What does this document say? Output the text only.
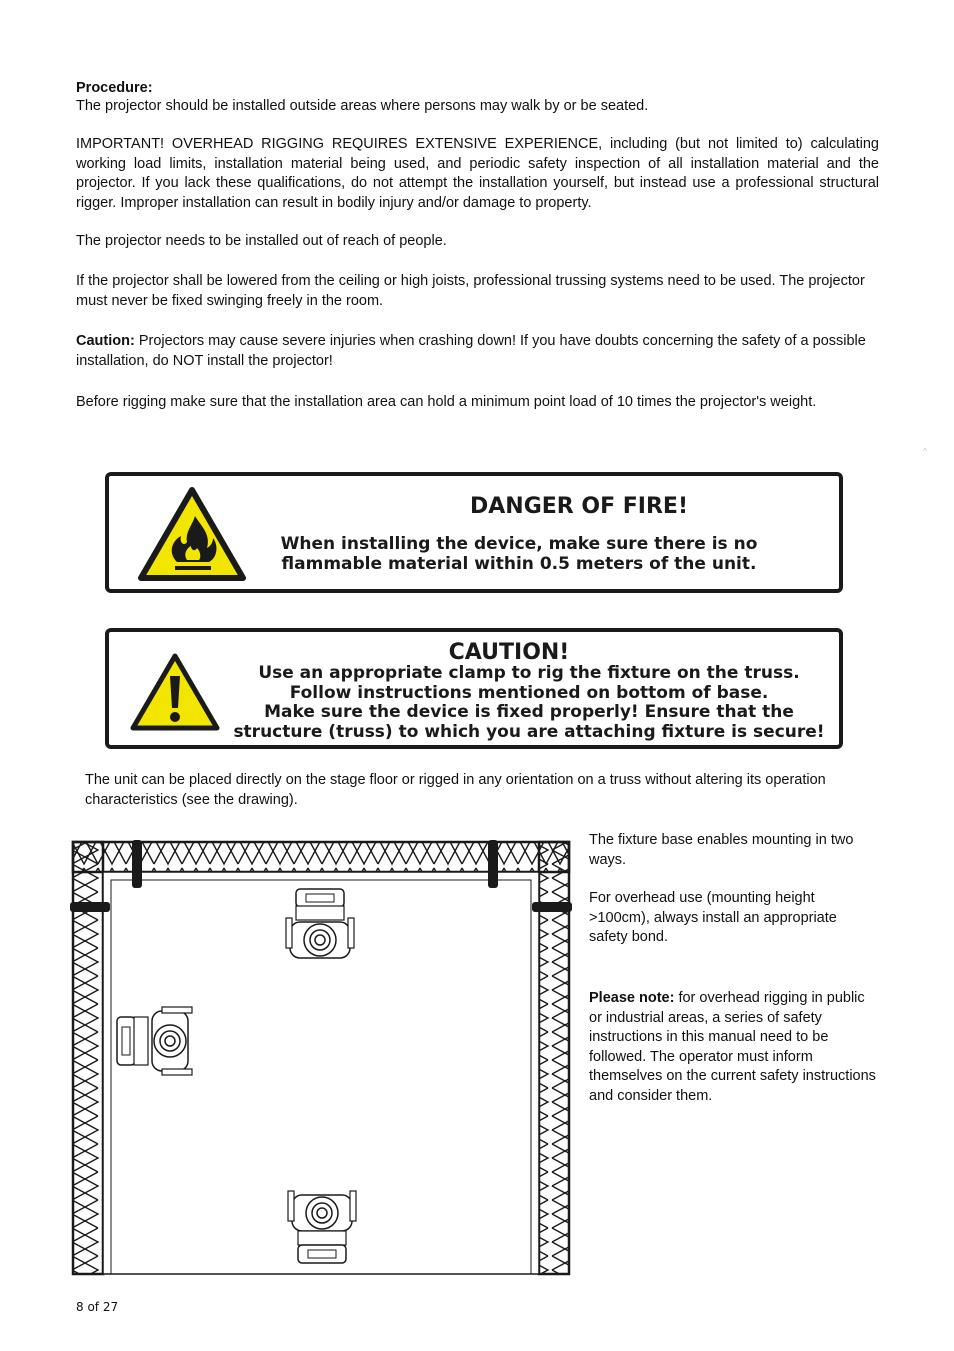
Procedure:

The projector should be installed outside areas where persons may walk by or be seated.

IMPORTANT! OVERHEAD RIGGING REQUIRES EXTENSIVE EXPERIENCE, including (but not limited to) calculating working load limits, installation material being used, and periodic safety inspection of all installation material and the projector. If you lack these qualifications, do not attempt the installation yourself, but instead use a professional structural rigger. Improper installation can result in bodily injury and/or damage to property.

The projector needs to be installed out of reach of people.

If the projector shall be lowered from the ceiling or high joists, professional trussing systems need to be used. The projector must never be fixed swinging freely in the room.

Caution: Projectors may cause severe injuries when crashing down! If you have doubts concerning the safety of a possible installation, do NOT install the projector!

Before rigging make sure that the installation area can hold a minimum point load of 10 times the projector's weight.

^
DANGER OF FIRE!
When installing the device, make sure there is no
flammable material within 0.5 meters of the unit.
CAUTION!
Use an appropriate clamp to rig the fixture on the truss.
Follow instructions mentioned on bottom of base.
Make sure the device is fixed properly! Ensure that the
structure (truss) to which you are attaching fixture is secure!
The unit can be placed directly on the stage floor or rigged in any orientation on a truss without altering its operation characteristics (see the drawing).

The fixture base enables mounting in two ways.

For overhead use (mounting height >100cm), always install an appropriate safety bond.

Please note: for overhead rigging in public or industrial areas, a series of safety instructions in this manual need to be followed. The operator must inform themselves on the current safety instructions and consider them.

8 of 27
